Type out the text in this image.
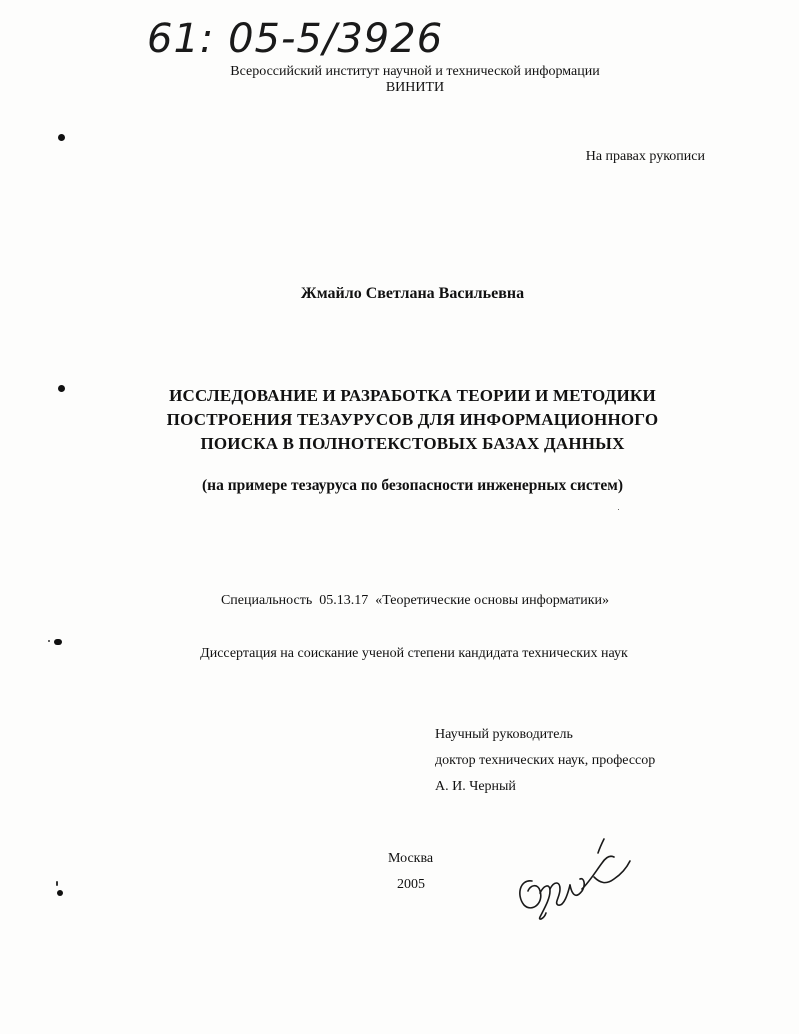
61: 05-5/3926
Всероссийский институт научной и технической информации
ВИНИТИ
На правах рукописи
Жмайло Светлана Васильевна
ИССЛЕДОВАНИЕ И РАЗРАБОТКА ТЕОРИИ И МЕТОДИКИ
ПОСТРОЕНИЯ ТЕЗАУРУСОВ ДЛЯ ИНФОРМАЦИОННОГО
ПОИСКА В ПОЛНОТЕКСТОВЫХ БАЗАХ ДАННЫХ
(на примере тезауруса по безопасности инженерных систем)
Специальность  05.13.17  «Теоретические основы информатики»
Диссертация на соискание ученой степени кандидата технических наук
Научный руководитель
доктор технических наук, профессор
А. И. Черный
Москва
2005
